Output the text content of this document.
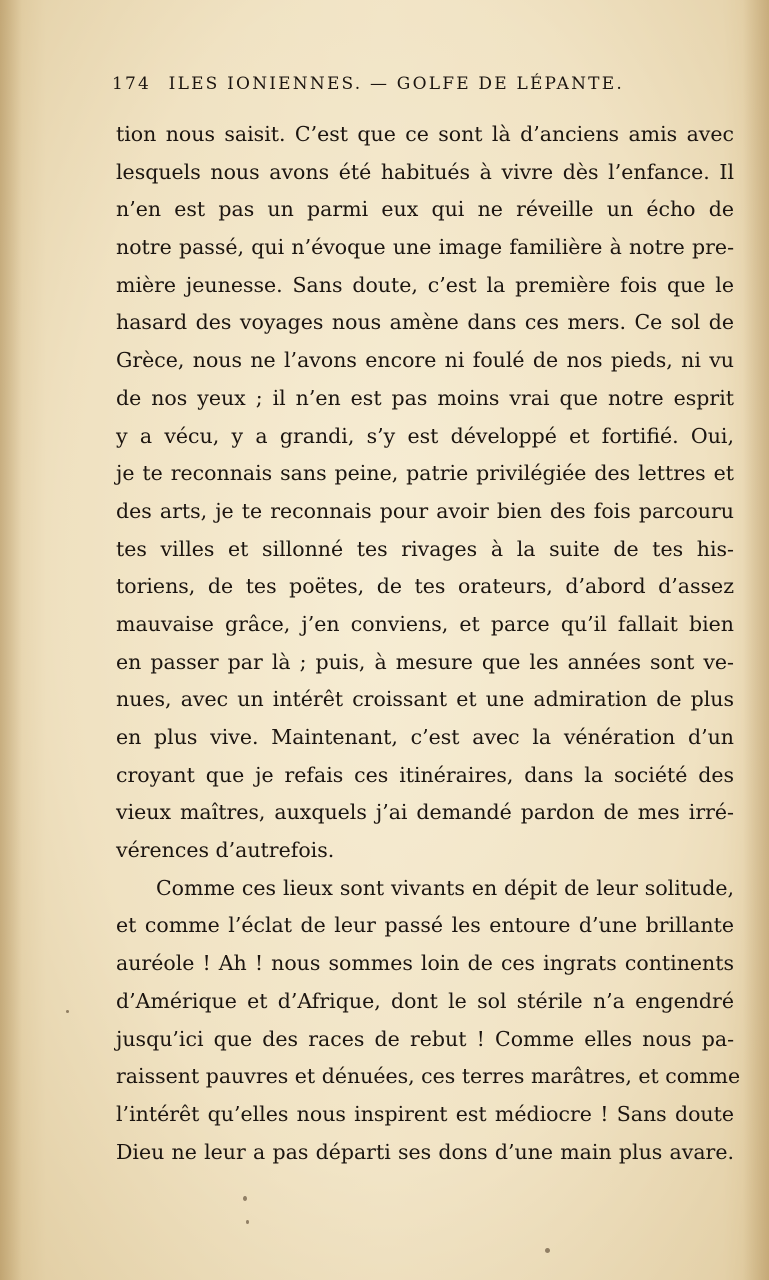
174 ILES IONIENNES. — GOLFE DE LÉPANTE.
tion nous saisit. C’est que ce sont là d’anciens amis avec
lesquels nous avons été habitués à vivre dès l’enfance. Il
n’en est pas un parmi eux qui ne réveille un écho de
notre passé, qui n’évoque une image familière à notre pre-
mière jeunesse. Sans doute, c’est la première fois que le
hasard des voyages nous amène dans ces mers. Ce sol de
Grèce, nous ne l’avons encore ni foulé de nos pieds, ni vu
de nos yeux ; il n’en est pas moins vrai que notre esprit
y a vécu, y a grandi, s’y est développé et fortifié. Oui,
je te reconnais sans peine, patrie privilégiée des lettres et
des arts, je te reconnais pour avoir bien des fois parcouru
tes villes et sillonné tes rivages à la suite de tes his-
toriens, de tes poëtes, de tes orateurs, d’abord d’assez
mauvaise grâce, j’en conviens, et parce qu’il fallait bien
en passer par là ; puis, à mesure que les années sont ve-
nues, avec un intérêt croissant et une admiration de plus
en plus vive. Maintenant, c’est avec la vénération d’un
croyant que je refais ces itinéraires, dans la société des
vieux maîtres, auxquels j’ai demandé pardon de mes irré-
vérences d’autrefois.
Comme ces lieux sont vivants en dépit de leur solitude,
et comme l’éclat de leur passé les entoure d’une brillante
auréole ! Ah ! nous sommes loin de ces ingrats continents
d’Amérique et d’Afrique, dont le sol stérile n’a engendré
jusqu’ici que des races de rebut ! Comme elles nous pa-
raissent pauvres et dénuées, ces terres marâtres, et comme
l’intérêt qu’elles nous inspirent est médiocre ! Sans doute
Dieu ne leur a pas départi ses dons d’une main plus avare.
